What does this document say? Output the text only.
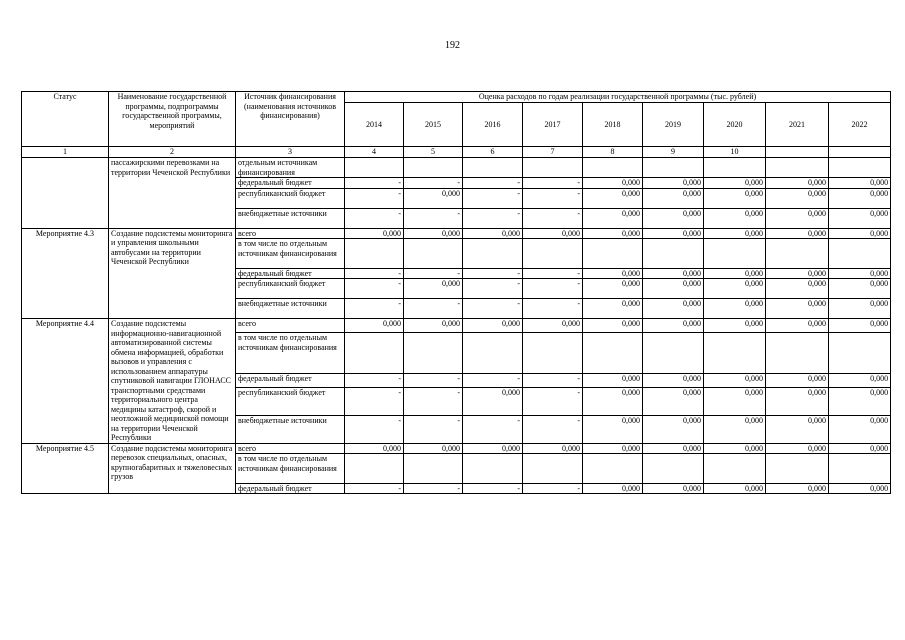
192
Статус	Наименование государственной программы, подпрограммы государственной программы, мероприятий	Источник финансирования (наименования источников финансирования)	Оценка расходов по годам реализации государственной программы (тыс. рублей)								
			2014	2015	2016	2017	2018	2019	2020	2021	2022
1	2	3	4	5	6	7	8	9	10		
	пассажирскими перевозками на территории Чеченской Республики	отдельным источникам финансирования									
		федеральный бюджет	-	-	-	-	0,000	0,000	0,000	0,000	0,000
		республиканский бюджет	-	0,000	-	-	0,000	0,000	0,000	0,000	0,000
		внебюджетные источники	-	-	-	-	0,000	0,000	0,000	0,000	0,000
Мероприятие 4.3	Создание подсистемы мониторинга и управления школьными автобусами на территории Чеченской Республики	всего	0,000	0,000	0,000	0,000	0,000	0,000	0,000	0,000	0,000
		в том числе по отдельным источникам финансирования									
		федеральный бюджет	-	-	-	-	0,000	0,000	0,000	0,000	0,000
		республиканский бюджет	-	0,000	-	-	0,000	0,000	0,000	0,000	0,000
		внебюджетные источники	-	-	-	-	0,000	0,000	0,000	0,000	0,000
Мероприятие 4.4	Создание подсистемы информационно-навигационной автоматизированной системы обмена информацией, обработки вызовов и управления с использованием аппаратуры спутниковой навигации ГЛОНАСС транспортными средствами территориального центра медицины катастроф, скорой и неотложной медицинской помощи на территории Чеченской Республики	всего	0,000	0,000	0,000	0,000	0,000	0,000	0,000	0,000	0,000
		в том числе по отдельным источникам финансирования									
		федеральный бюджет	-	-	-	-	0,000	0,000	0,000	0,000	0,000
		республиканский бюджет	-	-	0,000	-	0,000	0,000	0,000	0,000	0,000
		внебюджетные источники	-	-	-	-	0,000	0,000	0,000	0,000	0,000
Мероприятие 4.5	Создание подсистемы мониторинга перевозок специальных, опасных, крупногабаритных и тяжеловесных грузов	всего	0,000	0,000	0,000	0,000	0,000	0,000	0,000	0,000	0,000
		в том числе по отдельным источникам финансирования									
		федеральный бюджет	-	-	-	-	0,000	0,000	0,000	0,000	0,000
